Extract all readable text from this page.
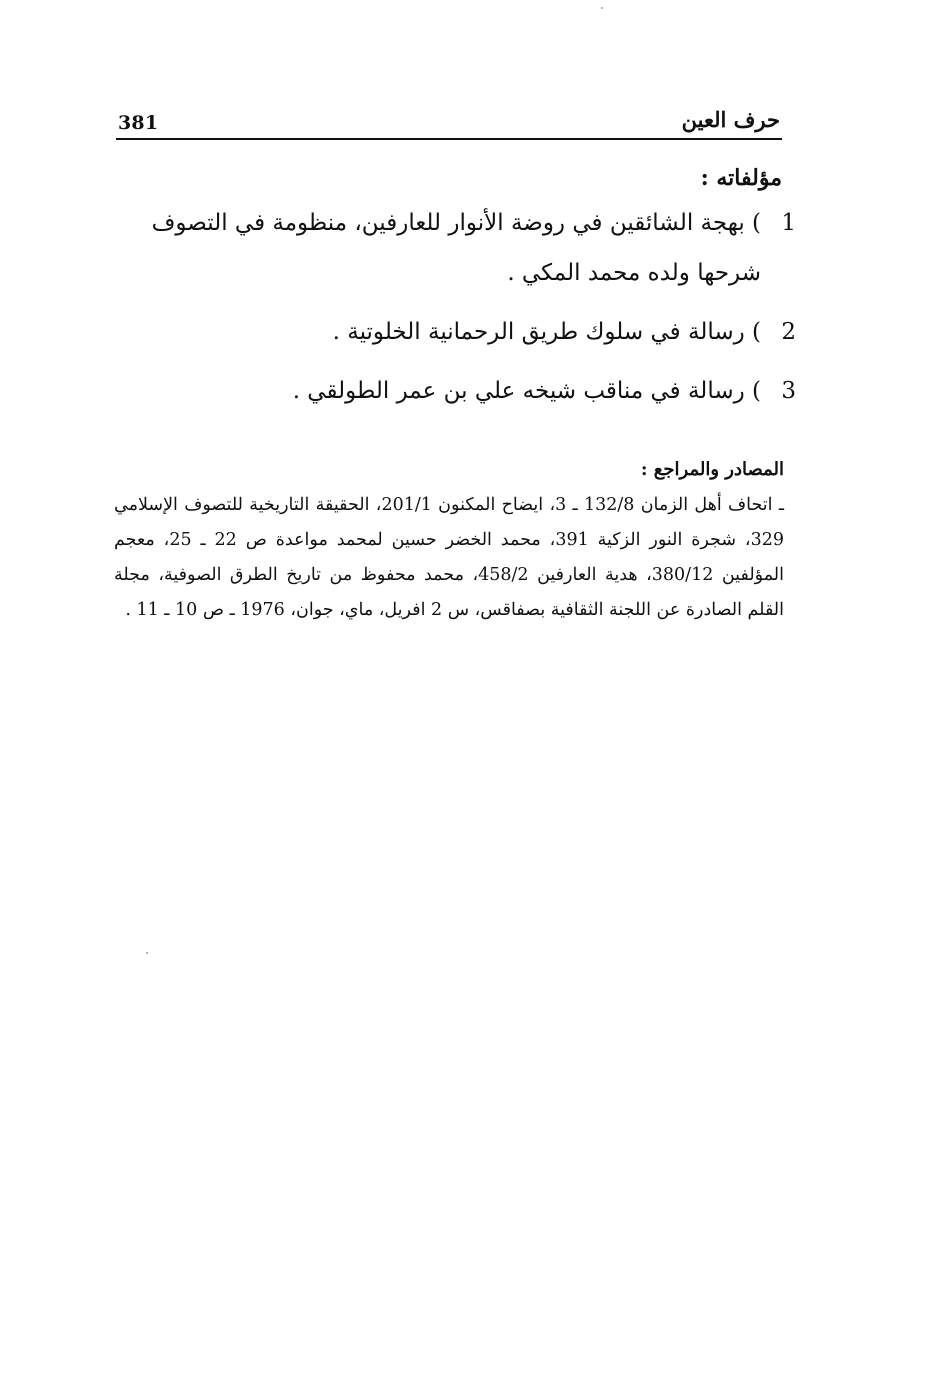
381	حرف العين
مؤلفاته :

1
) بهجة الشائقين في روضة الأنوار للعارفين، منظومة في التصوف شرحها ولده محمد المكي .

2
) رسالة في سلوك طريق الرحمانية الخلوتية .

3
) رسالة في مناقب شيخه علي بن عمر الطولقي .

المصادر والمراجع :
ـ اتحاف أهل الزمان 132/8 ـ 3، ايضاح المكنون 201/1، الحقيقة التاريخية للتصوف الإسلامي 329، شجرة النور الزكية 391، محمد الخضر حسين لمحمد مواعدة ص 22 ـ 25، معجم المؤلفين 380/12، هدية العارفين 458/2، محمد محفوظ من تاريخ الطرق الصوفية، مجلة القلم الصادرة عن اللجنة الثقافية بصفاقس، س 2 افريل، ماي، جوان، 1976 ـ ص 10 ـ 11 .
